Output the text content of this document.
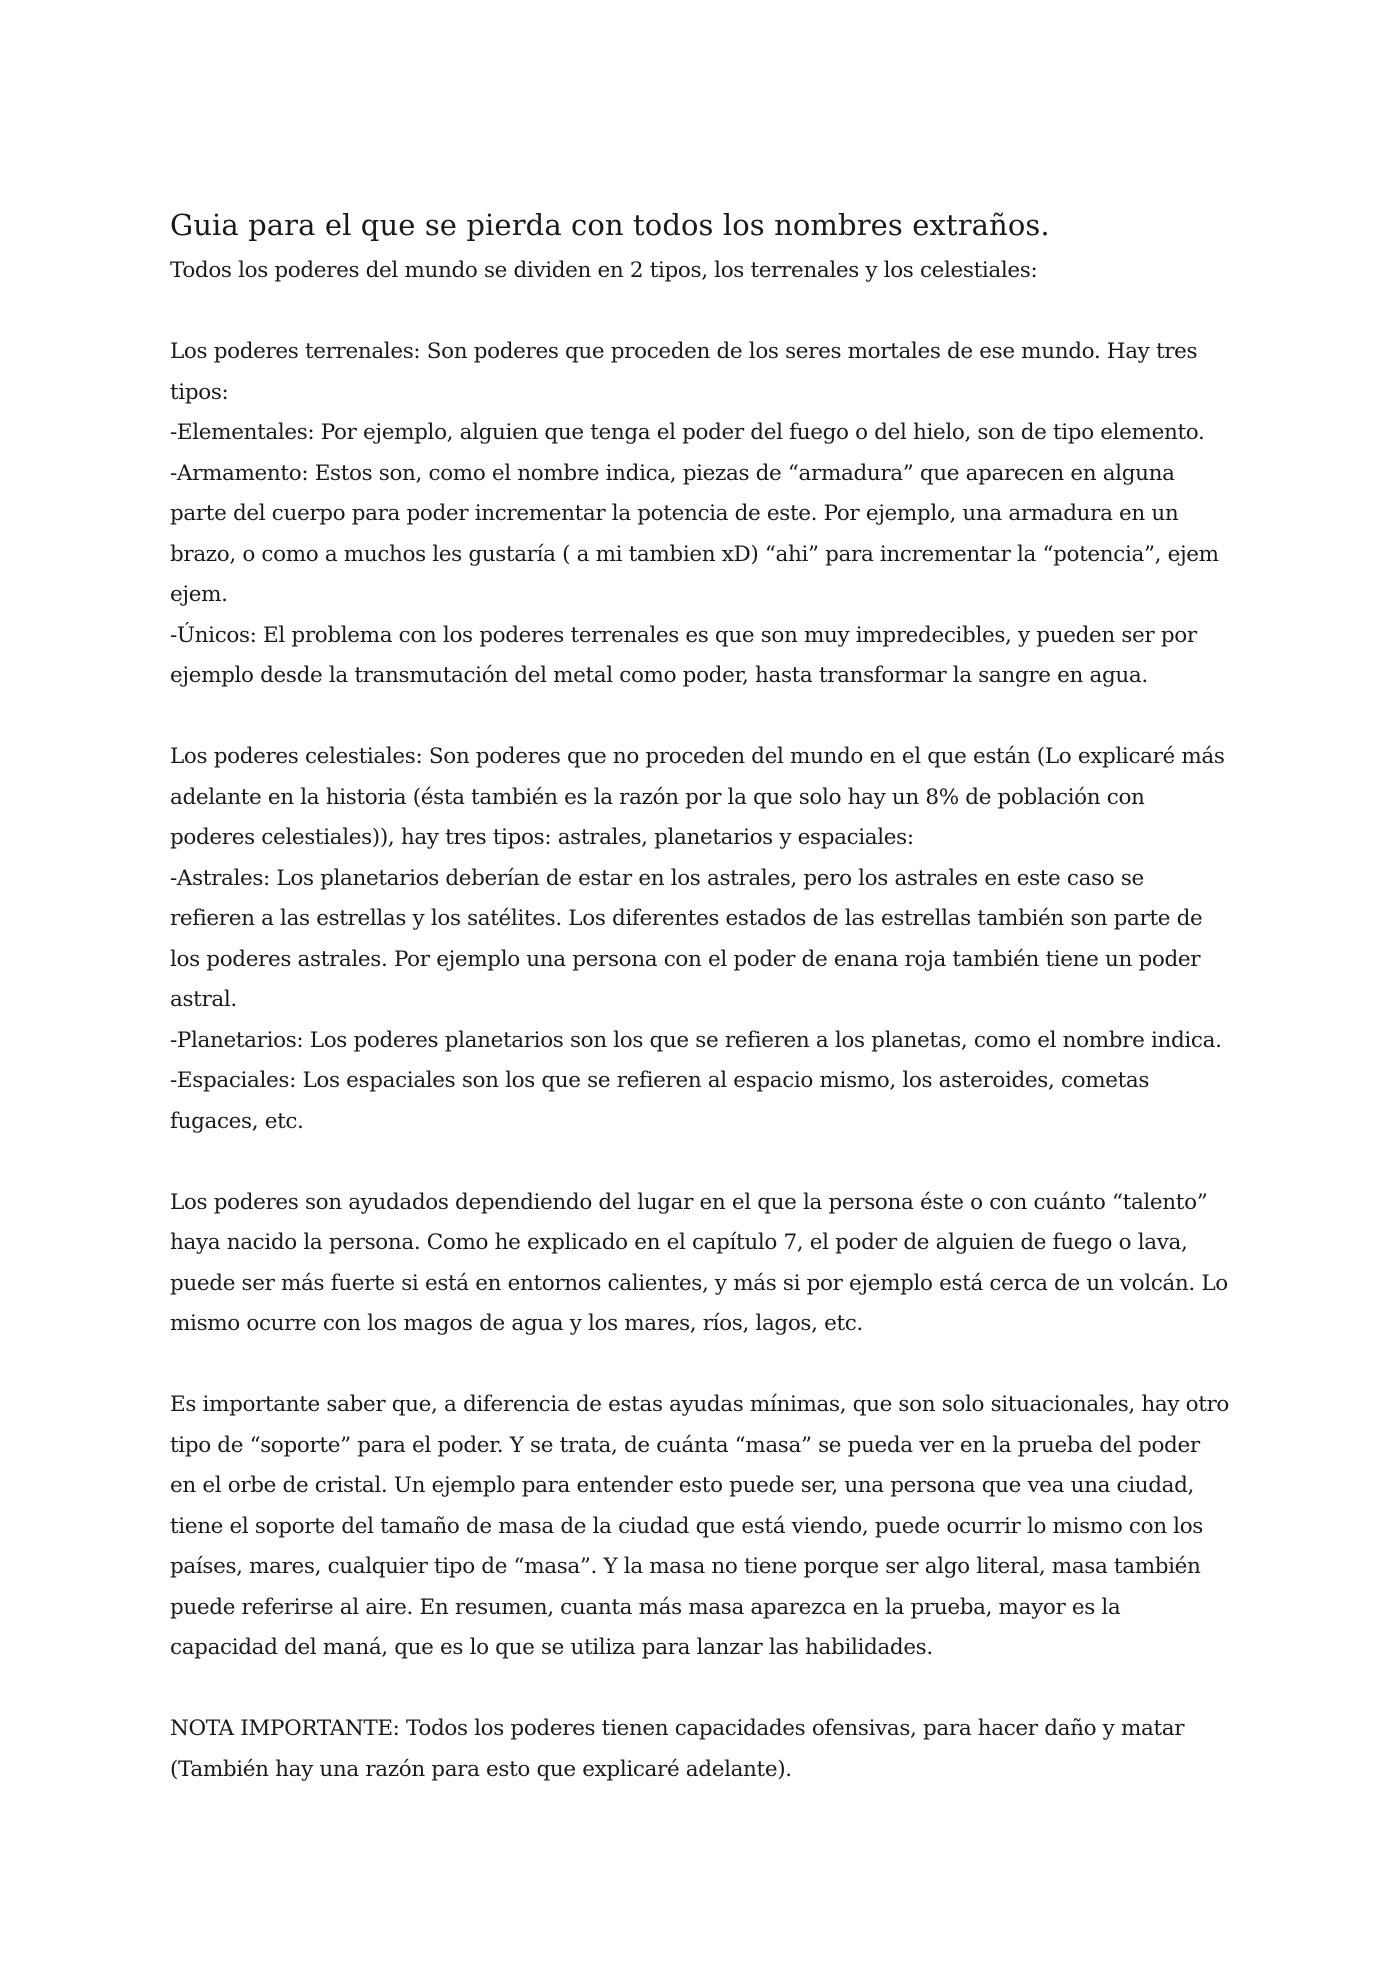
Guia para el que se pierda con todos los nombres extraños.

Todos los poderes del mundo se dividen en 2 tipos, los terrenales y los celestiales:

Los poderes terrenales: Son poderes que proceden de los seres mortales de ese mundo. Hay tres tipos:

-Elementales: Por ejemplo, alguien que tenga el poder del fuego o del hielo, son de tipo elemento.

-Armamento: Estos son, como el nombre indica, piezas de “armadura” que aparecen en alguna parte del cuerpo para poder incrementar la potencia de este. Por ejemplo, una armadura en un brazo, o como a muchos les gustaría ( a mi tambien xD) “ahi” para incrementar la “potencia”, ejem ejem.

-Únicos: El problema con los poderes terrenales es que son muy impredecibles, y pueden ser por ejemplo desde la transmutación del metal como poder, hasta transformar la sangre en agua.

Los poderes celestiales: Son poderes que no proceden del mundo en el que están (Lo explicaré más adelante en la historia (ésta también es la razón por la que solo hay un 8% de población con poderes celestiales)), hay tres tipos: astrales, planetarios y espaciales:

-Astrales: Los planetarios deberían de estar en los astrales, pero los astrales en este caso se refieren a las estrellas y los satélites. Los diferentes estados de las estrellas también son parte de los poderes astrales. Por ejemplo una persona con el poder de enana roja también tiene un poder astral.

-Planetarios: Los poderes planetarios son los que se refieren a los planetas, como el nombre indica.

-Espaciales: Los espaciales son los que se refieren al espacio mismo, los asteroides, cometas fugaces, etc.

Los poderes son ayudados dependiendo del lugar en el que la persona éste o con cuánto “talento” haya nacido la persona. Como he explicado en el capítulo 7, el poder de alguien de fuego o lava, puede ser más fuerte si está en entornos calientes, y más si por ejemplo está cerca de un volcán. Lo mismo ocurre con los magos de agua y los mares, ríos, lagos, etc.

Es importante saber que, a diferencia de estas ayudas mínimas, que son solo situacionales, hay otro tipo de “soporte” para el poder. Y se trata, de cuánta “masa” se pueda ver en la prueba del poder en el orbe de cristal. Un ejemplo para entender esto puede ser, una persona que vea una ciudad, tiene el soporte del tamaño de masa de la ciudad que está viendo, puede ocurrir lo mismo con los países, mares, cualquier tipo de “masa”. Y la masa no tiene porque ser algo literal, masa también puede referirse al aire. En resumen, cuanta más masa aparezca en la prueba, mayor es la capacidad del maná, que es lo que se utiliza para lanzar las habilidades.

NOTA IMPORTANTE: Todos los poderes tienen capacidades ofensivas, para hacer daño y matar (También hay una razón para esto que explicaré adelante).
